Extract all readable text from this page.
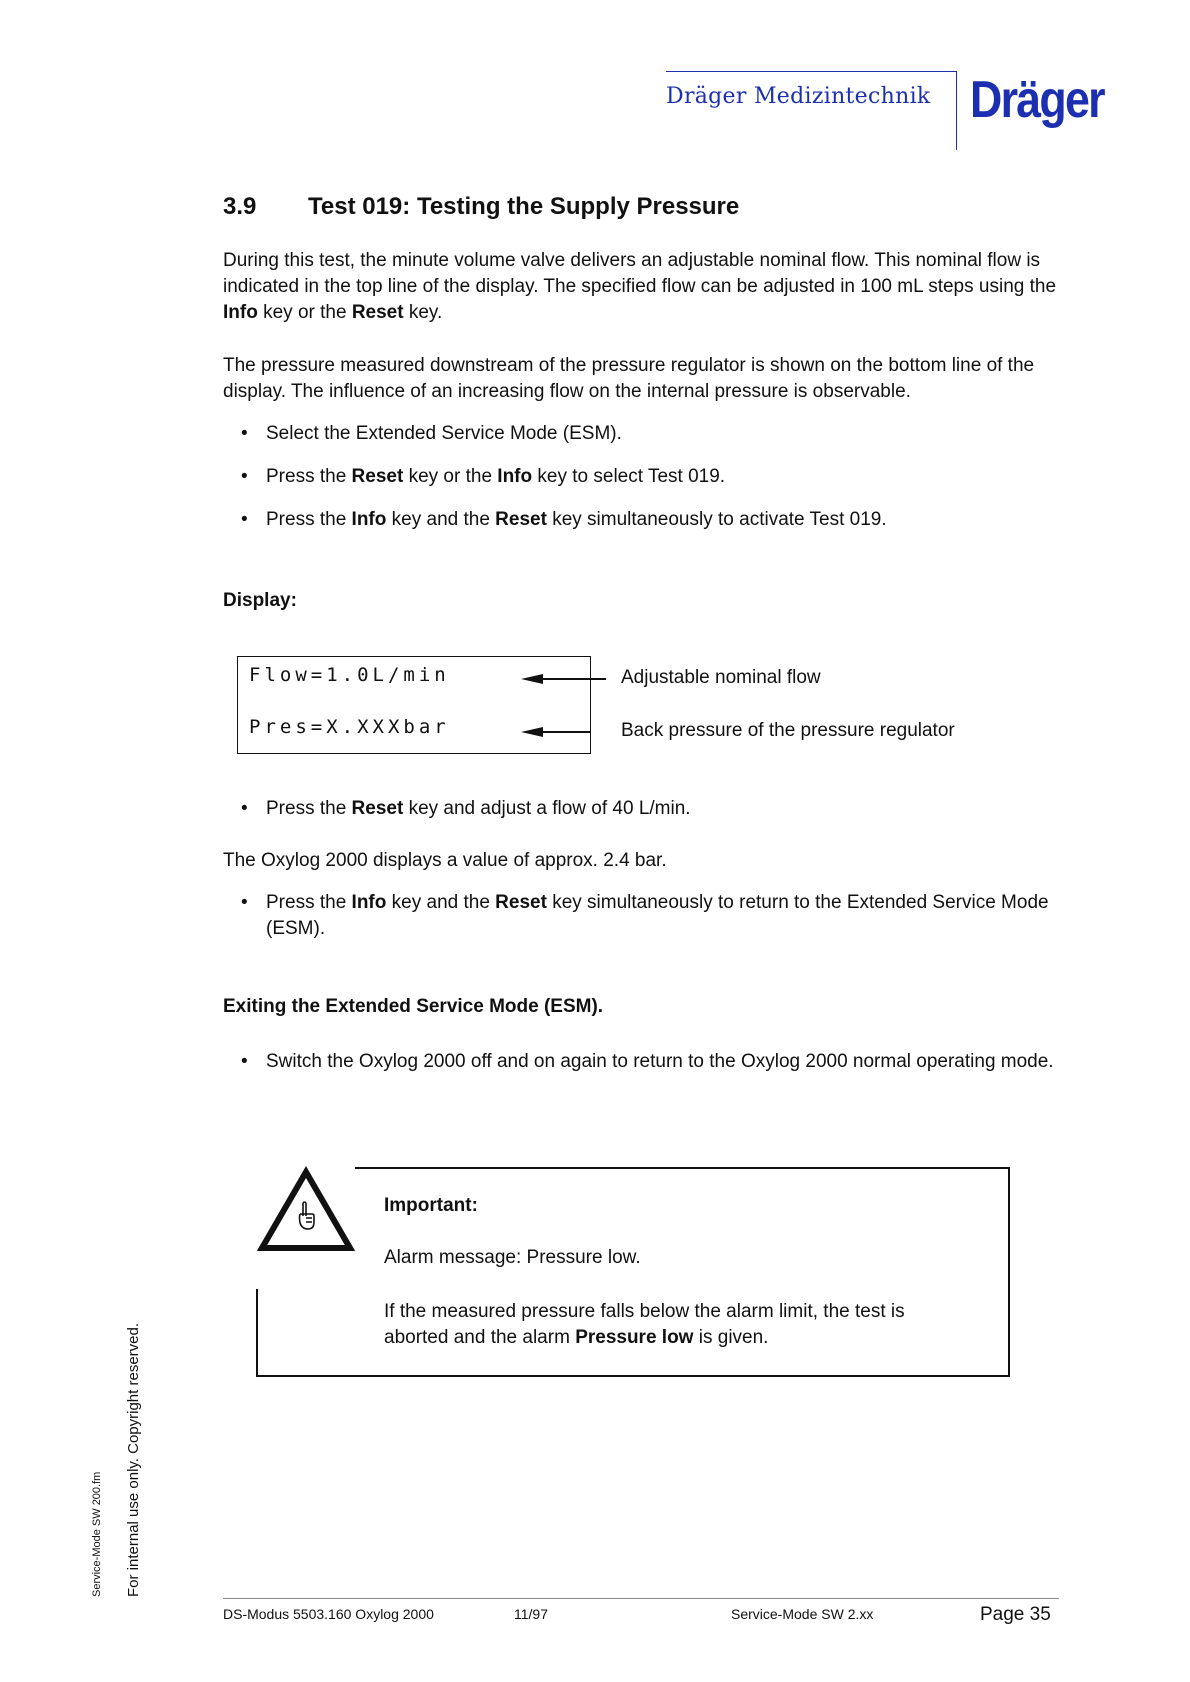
Dräger Medizintechnik Dräger
3.9 Test 019: Testing the Supply Pressure

During this test, the minute volume valve delivers an adjustable nominal flow. This nominal flow is indicated in the top line of the display. The specified flow can be adjusted in 100 mL steps using the Info key or the Reset key.

The pressure measured downstream of the pressure regulator is shown on the bottom line of the display. The influence of an increasing flow on the internal pressure is observable.

• Select the Extended Service Mode (ESM).
• Press the Reset key or the Info key to select Test 019.
• Press the Info key and the Reset key simultaneously to activate Test 019.
Display:
Flow=1.0L/min
Pres=X.XXXbar
Adjustable nominal flow
Back pressure of the pressure regulator
• Press the Reset key and adjust a flow of 40 L/min.

The Oxylog 2000 displays a value of approx. 2.4 bar.

• Press the Info key and the Reset key simultaneously to return to the Extended Service Mode (ESM).
Exiting the Extended Service Mode (ESM).
• Switch the Oxylog 2000 off and on again to return to the Oxylog 2000 normal operating mode.
Important:
Alarm message: Pressure low.
If the measured pressure falls below the alarm limit, the test is aborted and the alarm Pressure low is given.
Service-Mode SW 200.fm For internal use only. Copyright reserved.
DS-Modus 5503.160 Oxylog 2000	11/97	Service-Mode SW 2.xx	Page 35
